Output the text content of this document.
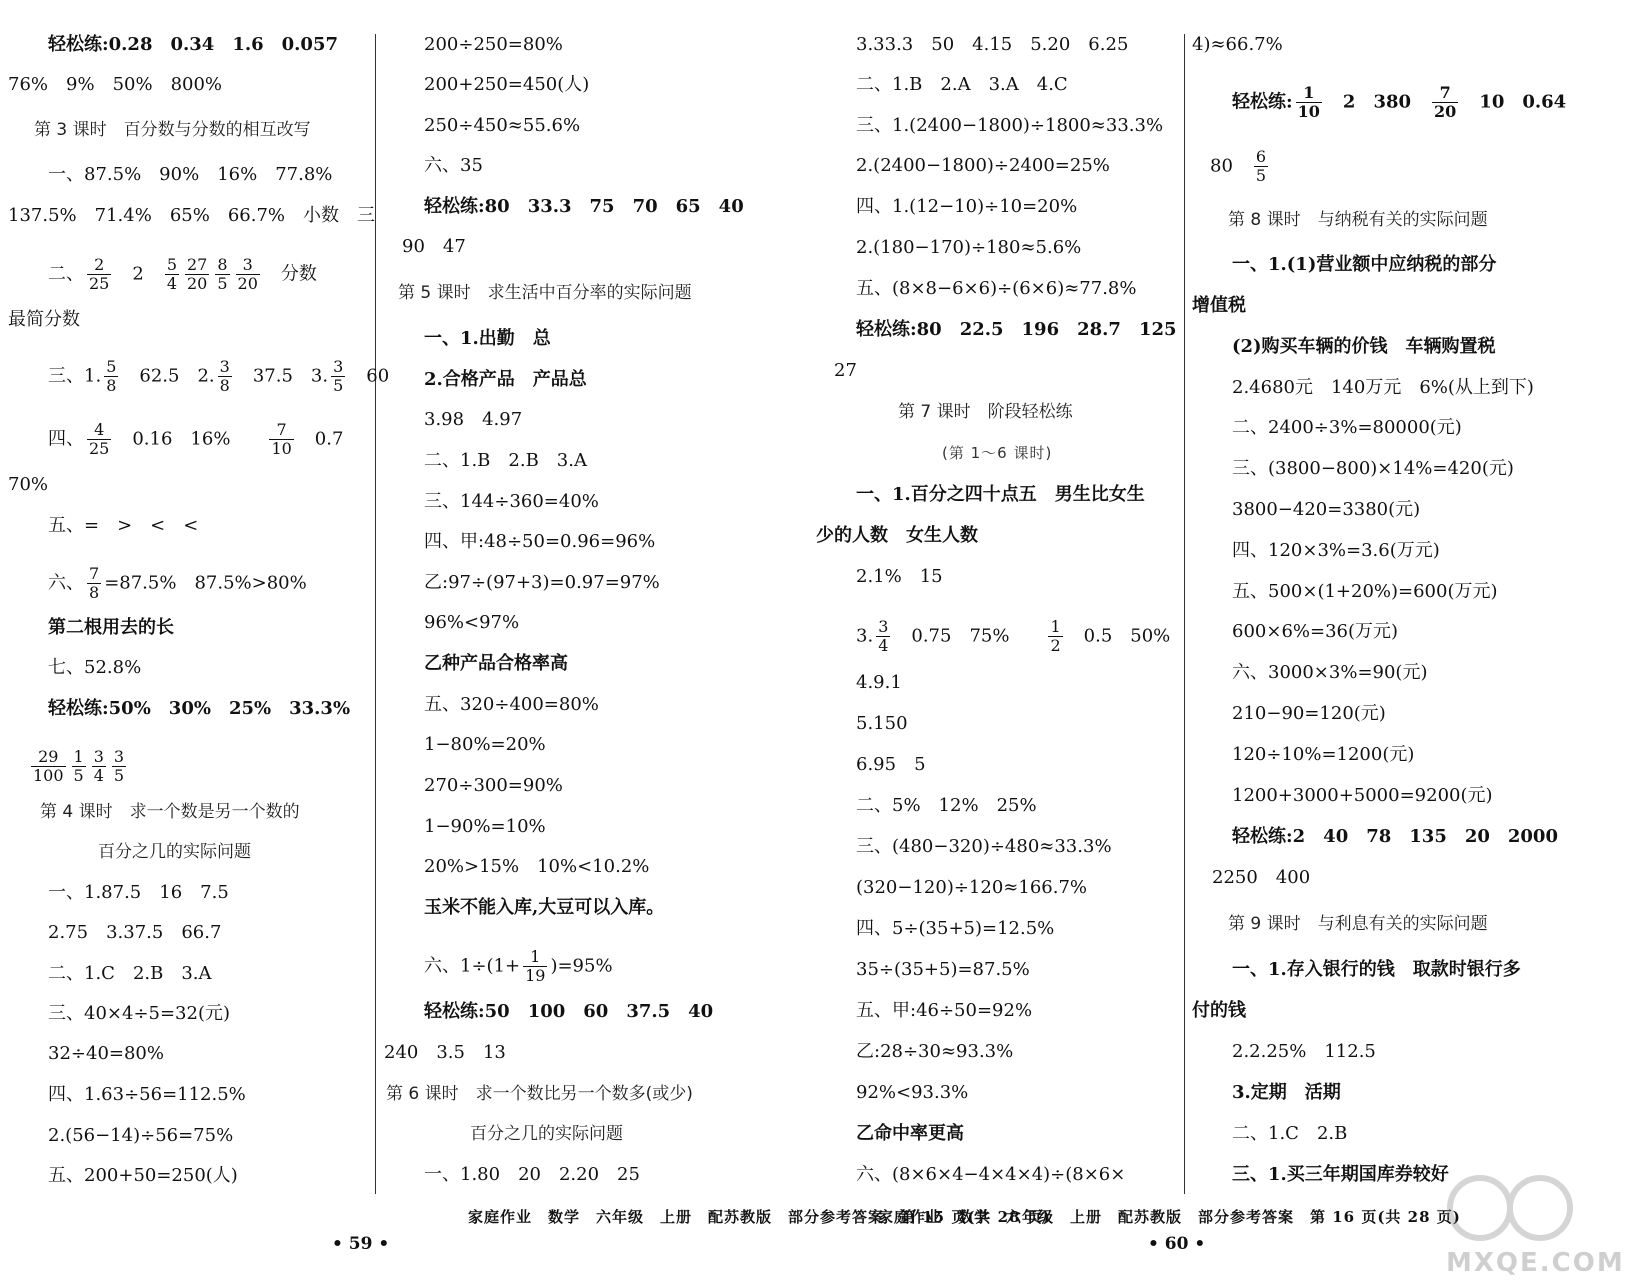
轻松练:0.28　0.34　1.6　0.057
76%　9%　50%　800%
第 3 课时　百分数与分数的相互改写
一、87.5%　90%　16%　77.8%
137.5%　71.4%　65%　66.7%　小数　三
二、 $\frac{2}{25}$ 　2　 $\frac{5}{4} \frac{27}{20} \frac{8}{5} \frac{3}{20}$ 　分数
最简分数
三、1. $\frac{5}{8}$ 　62.5　2. $\frac{3}{8}$ 　37.5　3. $\frac{3}{5}$ 　60
四、 $\frac{4}{25}$ 　0.16　16%　　 $\frac{7}{10}$ 　0.7
70%
五、=　>　<　<
六、 $\frac{7}{8} =87.5\%$　87.5%>80%
第二根用去的长
七、52.8%
轻松练:50%　30%　25%　33.3%
$\frac{29}{100} \frac{1}{5} \frac{3}{4} \frac{3}{5}$
第 4 课时　求一个数是另一个数的
百分之几的实际问题
一、1.87.5　16　7.5
2.75　3.37.5　66.7
二、1.C　2.B　3.A
三、40×4÷5=32(元)
32÷40=80%
四、1.63÷56=112.5%
2.(56−14)÷56=75%
五、200+50=250(人)
200÷250=80%
200+250=450(人)
250÷450≈55.6%
六、35
轻松练:80　33.3　75　70　65　40
90　47
第 5 课时　求生活中百分率的实际问题
一、1.出勤　总
2.合格产品　产品总
3.98　4.97
二、1.B　2.B　3.A
三、144÷360=40%
四、甲:48÷50=0.96=96%
乙:97÷(97+3)=0.97=97%
96%<97%
乙种产品合格率高
五、320÷400=80%
1−80%=20%
270÷300=90%
1−90%=10%
20%>15%　10%<10.2%
玉米不能入库,大豆可以入库。
六、$1\div(1+ \frac{1}{19} )=95\%$
轻松练:50　100　60　37.5　40
240　3.5　13
第 6 课时　求一个数比另一个数多(或少)
百分之几的实际问题
一、1.80　20　2.20　25
3.33.3　50　4.15　5.20　6.25
二、1.B　2.A　3.A　4.C
三、1.(2400−1800)÷1800≈33.3%
2.(2400−1800)÷2400=25%
四、1.(12−10)÷10=20%
2.(180−170)÷180≈5.6%
五、(8×8−6×6)÷(6×6)≈77.8%
轻松练:80　22.5　196　28.7　125
27
第 7 课时　阶段轻松练
(第 1～6 课时)
一、1.百分之四十点五　男生比女生
少的人数　女生人数
2.1%　15
3. $\frac{3}{4}$ 　0.75　75%　　 $\frac{1}{2}$ 　0.5　50%
4.9.1
5.150
6.95　5
二、5%　12%　25%
三、(480−320)÷480≈33.3%
(320−120)÷120≈166.7%
四、5÷(35+5)=12.5%
35÷(35+5)=87.5%
五、甲:46÷50=92%
乙:28÷30≈93.3%
92%<93.3%
乙命中率更高
六、(8×6×4−4×4×4)÷(8×6×
4)≈66.7%
轻松练: $\frac{1}{10}$ 　2　380　 $\frac{7}{20}$ 　10　0.64
80　 $\frac{6}{5}$
第 8 课时　与纳税有关的实际问题
一、1.(1)营业额中应纳税的部分
增值税
(2)购买车辆的价钱　车辆购置税
2.4680元　140万元　6%(从上到下)
二、2400÷3%=80000(元)
三、(3800−800)×14%=420(元)
3800−420=3380(元)
四、120×3%=3.6(万元)
五、500×(1+20%)=600(万元)
600×6%=36(万元)
六、3000×3%=90(元)
210−90=120(元)
120÷10%=1200(元)
1200+3000+5000=9200(元)
轻松练:2　40　78　135　20　2000
2250　400
第 9 课时　与利息有关的实际问题
一、1.存入银行的钱　取款时银行多
付的钱
2.2.25%　112.5
3.定期　活期
二、1.C　2.B
三、1.买三年期国库券较好
家庭作业　数学　六年级　上册　配苏教版　部分参考答案　第 15 页(共 28 页)
家庭作业　数学　六年级　上册　配苏教版　部分参考答案　第 16 页(共 28 页)
• 59 •	• 60 •
MXQE.COM
